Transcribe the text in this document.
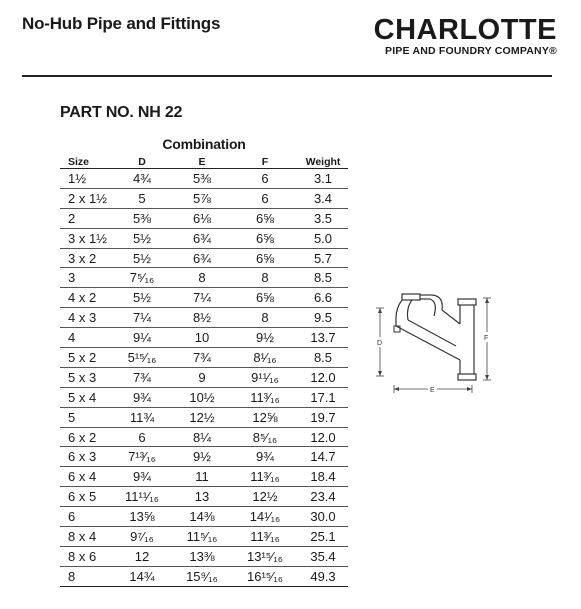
No-Hub Pipe and Fittings	CHARLOTTE
PIPE AND FOUNDRY COMPANY®
PART NO. NH 22
Combination
Size	D	E	F	Weight
1½	4¾	5⅜	6	3.1
2 x 1½	5	5⅞	6	3.4
2	5⅜	6⅛	6⅝	3.5
3 x 1½	5½	6¾	6⅝	5.0
3 x 2	5½	6¾	6⅝	5.7
3	7⁵⁄₁₆	8	8	8.5
4 x 2	5½	7¼	6⅝	6.6
4 x 3	7¼	8½	8	9.5
4	9¼	10	9½	13.7
5 x 2	5¹⁵⁄₁₆	7¾	8¹⁄₁₆	8.5
5 x 3	7¾	9	9¹¹⁄₁₆	12.0
5 x 4	9¾	10½	11³⁄₁₆	17.1
5	11¾	12½	12⅝	19.7
6 x 2	6	8¼	8⁵⁄₁₆	12.0
6 x 3	7¹³⁄₁₆	9½	9¾	14.7
6 x 4	9¾	11	11³⁄₁₆	18.4
6 x 5	11¹¹⁄₁₆	13	12½	23.4
6	13⅝	14⅜	14¹⁄₁₆	30.0
8 x 4	9⁷⁄₁₆	11⁵⁄₁₆	11³⁄₁₆	25.1
8 x 6	12	13⅜	13¹⁵⁄₁₆	35.4
8	14¾	15⁹⁄₁₆	16¹⁵⁄₁₆	49.3
D
F
E
